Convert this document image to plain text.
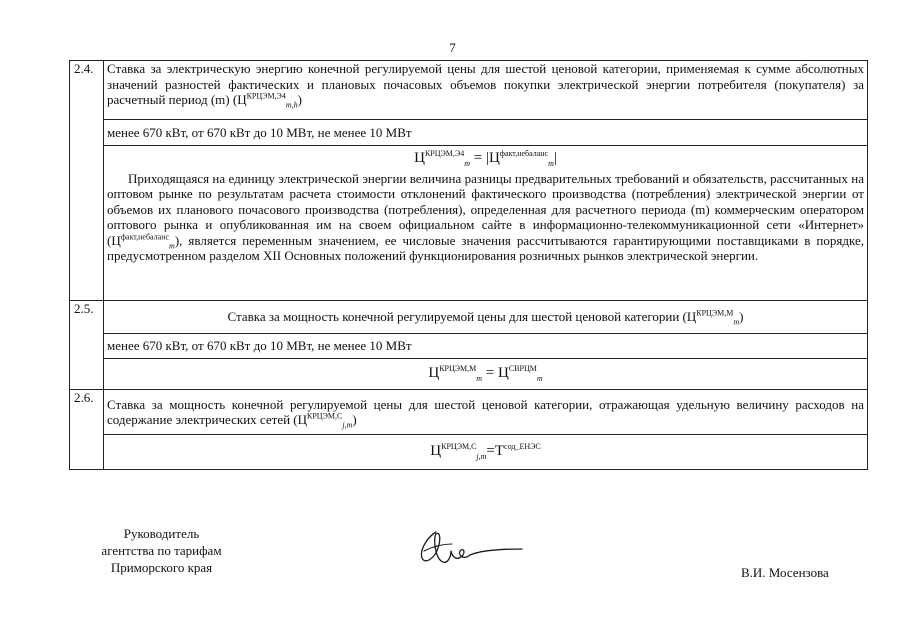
7
2.4.	Ставка за электрическую энергию конечной регулируемой цены для шестой ценовой категории, применяемая к сумме абсолютных значений разностей фактических и плановых почасовых объемов покупки электрической энергии потребителя (покупателя) за расчетный период (m) $(Ц^{КРЦЭМ,Э4}_{m,h})$
	менее 670 кВт, от 670 кВт до 10 МВт, не менее 10 МВт

	$Ц^{КРЦЭМ,Э4}_m = |Ц^{факт,небаланс}_m|$
Приходящаяся на единицу электрической энергии величина разницы предварительных требований и обязательств, рассчитанных на оптовом рынке по результатам расчета стоимости отклонений фактического производства (потребления) электрической энергии от объемов их планового почасового производства (потребления), определенная для расчетного периода (m) коммерческим оператором оптового рынка и опубликованная им на своем официальном сайте в информационно-телекоммуникационной сети «Интернет» $(Ц^{факт,небаланс}_m)$, является переменным значением, ее числовые значения рассчитываются гарантирующими поставщиками в порядке, предусмотренном разделом XII Основных положений функционирования розничных рынков электрической энергии.

2.5.	Ставка за мощность конечной регулируемой цены для шестой ценовой категории $(Ц^{КРЦЭМ,М}_m)$
	менее 670 кВт, от 670 кВт до 10 МВт, не менее 10 МВт
	$Ц^{КРЦЭМ,М}_m = Ц^{СВРЦМ}_m$
2.6.	Ставка за мощность конечной регулируемой цены для шестой ценовой категории, отражающая удельную величину расходов на содержание электрических сетей $(Ц^{КРЦЭМ,С}_{j,m})$
	$Ц^{КРЦЭМ,С}_{j,m}=Т^{сод\_ЕНЭС}$
Руководитель
агентства по тарифам
Приморского края	В.И. Мосензова
